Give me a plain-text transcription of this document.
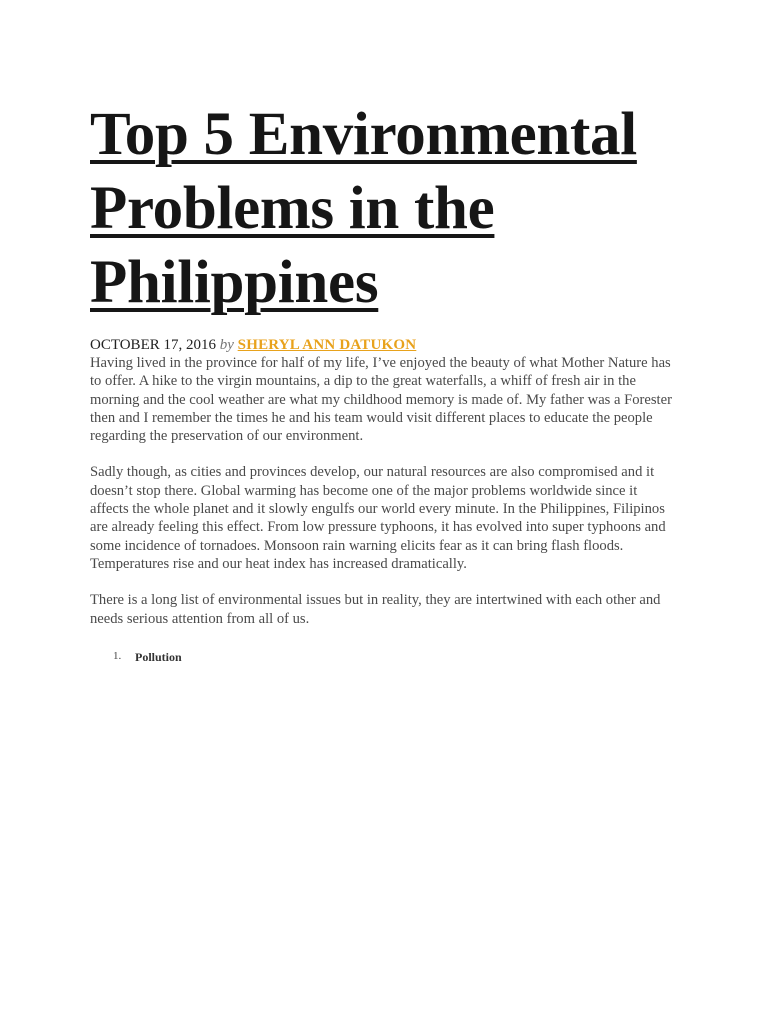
Top 5 Environmental Problems in the Philippines
OCTOBER 17, 2016 by SHERYL ANN DATUKON

Having lived in the province for half of my life, I’ve enjoyed the beauty of what Mother Nature has to offer. A hike to the virgin mountains, a dip to the great waterfalls, a whiff of fresh air in the morning and the cool weather are what my childhood memory is made of. My father was a Forester then and I remember the times he and his team would visit different places to educate the people regarding the preservation of our environment.

Sadly though, as cities and provinces develop, our natural resources are also compromised and it doesn’t stop there. Global warming has become one of the major problems worldwide since it affects the whole planet and it slowly engulfs our world every minute. In the Philippines, Filipinos are already feeling this effect. From low pressure typhoons, it has evolved into super typhoons and some incidence of tornadoes. Monsoon rain warning elicits fear as it can bring flash floods. Temperatures rise and our heat index has increased dramatically.

There is a long list of environmental issues but in reality, they are intertwined with each other and needs serious attention from all of us.

1. Pollution
